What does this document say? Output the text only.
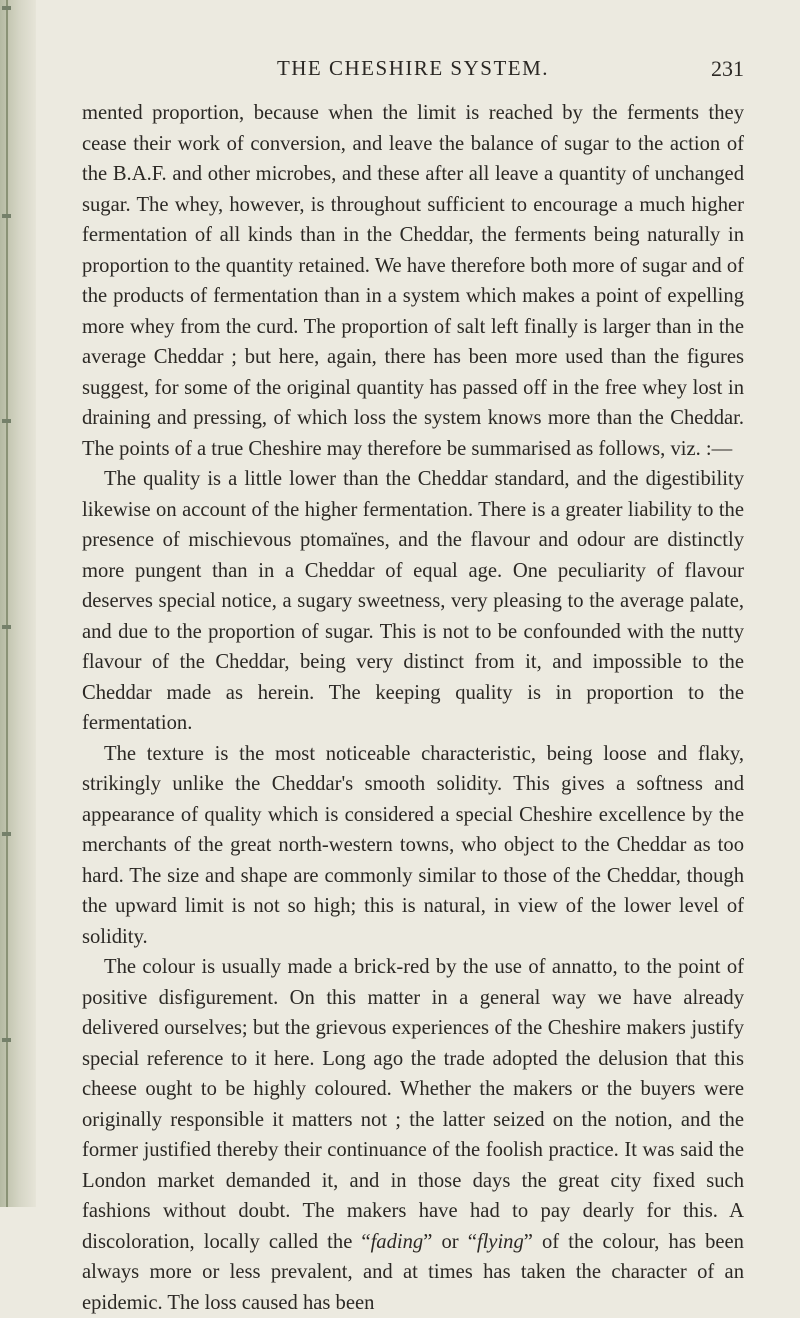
THE CHESHIRE SYSTEM.	231

mented proportion, because when the limit is reached by the ferments they cease their work of conversion, and leave the balance of sugar to the action of the B.A.F. and other microbes, and these after all leave a quantity of unchanged sugar. The whey, however, is throughout sufficient to encourage a much higher fermentation of all kinds than in the Cheddar, the ferments being naturally in proportion to the quantity retained. We have therefore both more of sugar and of the products of fermentation than in a system which makes a point of expelling more whey from the curd. The proportion of salt left finally is larger than in the average Cheddar ; but here, again, there has been more used than the figures suggest, for some of the original quantity has passed off in the free whey lost in draining and pressing, of which loss the system knows more than the Cheddar. The points of a true Cheshire may therefore be summarised as follows, viz. :—

The quality is a little lower than the Cheddar standard, and the digestibility likewise on account of the higher fermentation. There is a greater liability to the presence of mischievous ptomaïnes, and the flavour and odour are distinctly more pungent than in a Cheddar of equal age. One peculiarity of flavour deserves special notice, a sugary sweetness, very pleasing to the average palate, and due to the proportion of sugar. This is not to be confounded with the nutty flavour of the Cheddar, being very distinct from it, and impossible to the Cheddar made as herein. The keeping quality is in proportion to the fermentation.

The texture is the most noticeable characteristic, being loose and flaky, strikingly unlike the Cheddar's smooth solidity. This gives a softness and appearance of quality which is considered a special Cheshire excellence by the merchants of the great north-western towns, who object to the Cheddar as too hard. The size and shape are commonly similar to those of the Cheddar, though the upward limit is not so high; this is natural, in view of the lower level of solidity.

The colour is usually made a brick-red by the use of annatto, to the point of positive disfigurement. On this matter in a general way we have already delivered ourselves; but the grievous experiences of the Cheshire makers justify special reference to it here. Long ago the trade adopted the delusion that this cheese ought to be highly coloured. Whether the makers or the buyers were originally responsible it matters not ; the latter seized on the notion, and the former justified thereby their continuance of the foolish practice. It was said the London market demanded it, and in those days the great city fixed such fashions without doubt. The makers have had to pay dearly for this. A discoloration, locally called the “fading” or “flying” of the colour, has been always more or less prevalent, and at times has taken the character of an epidemic. The loss caused has been
